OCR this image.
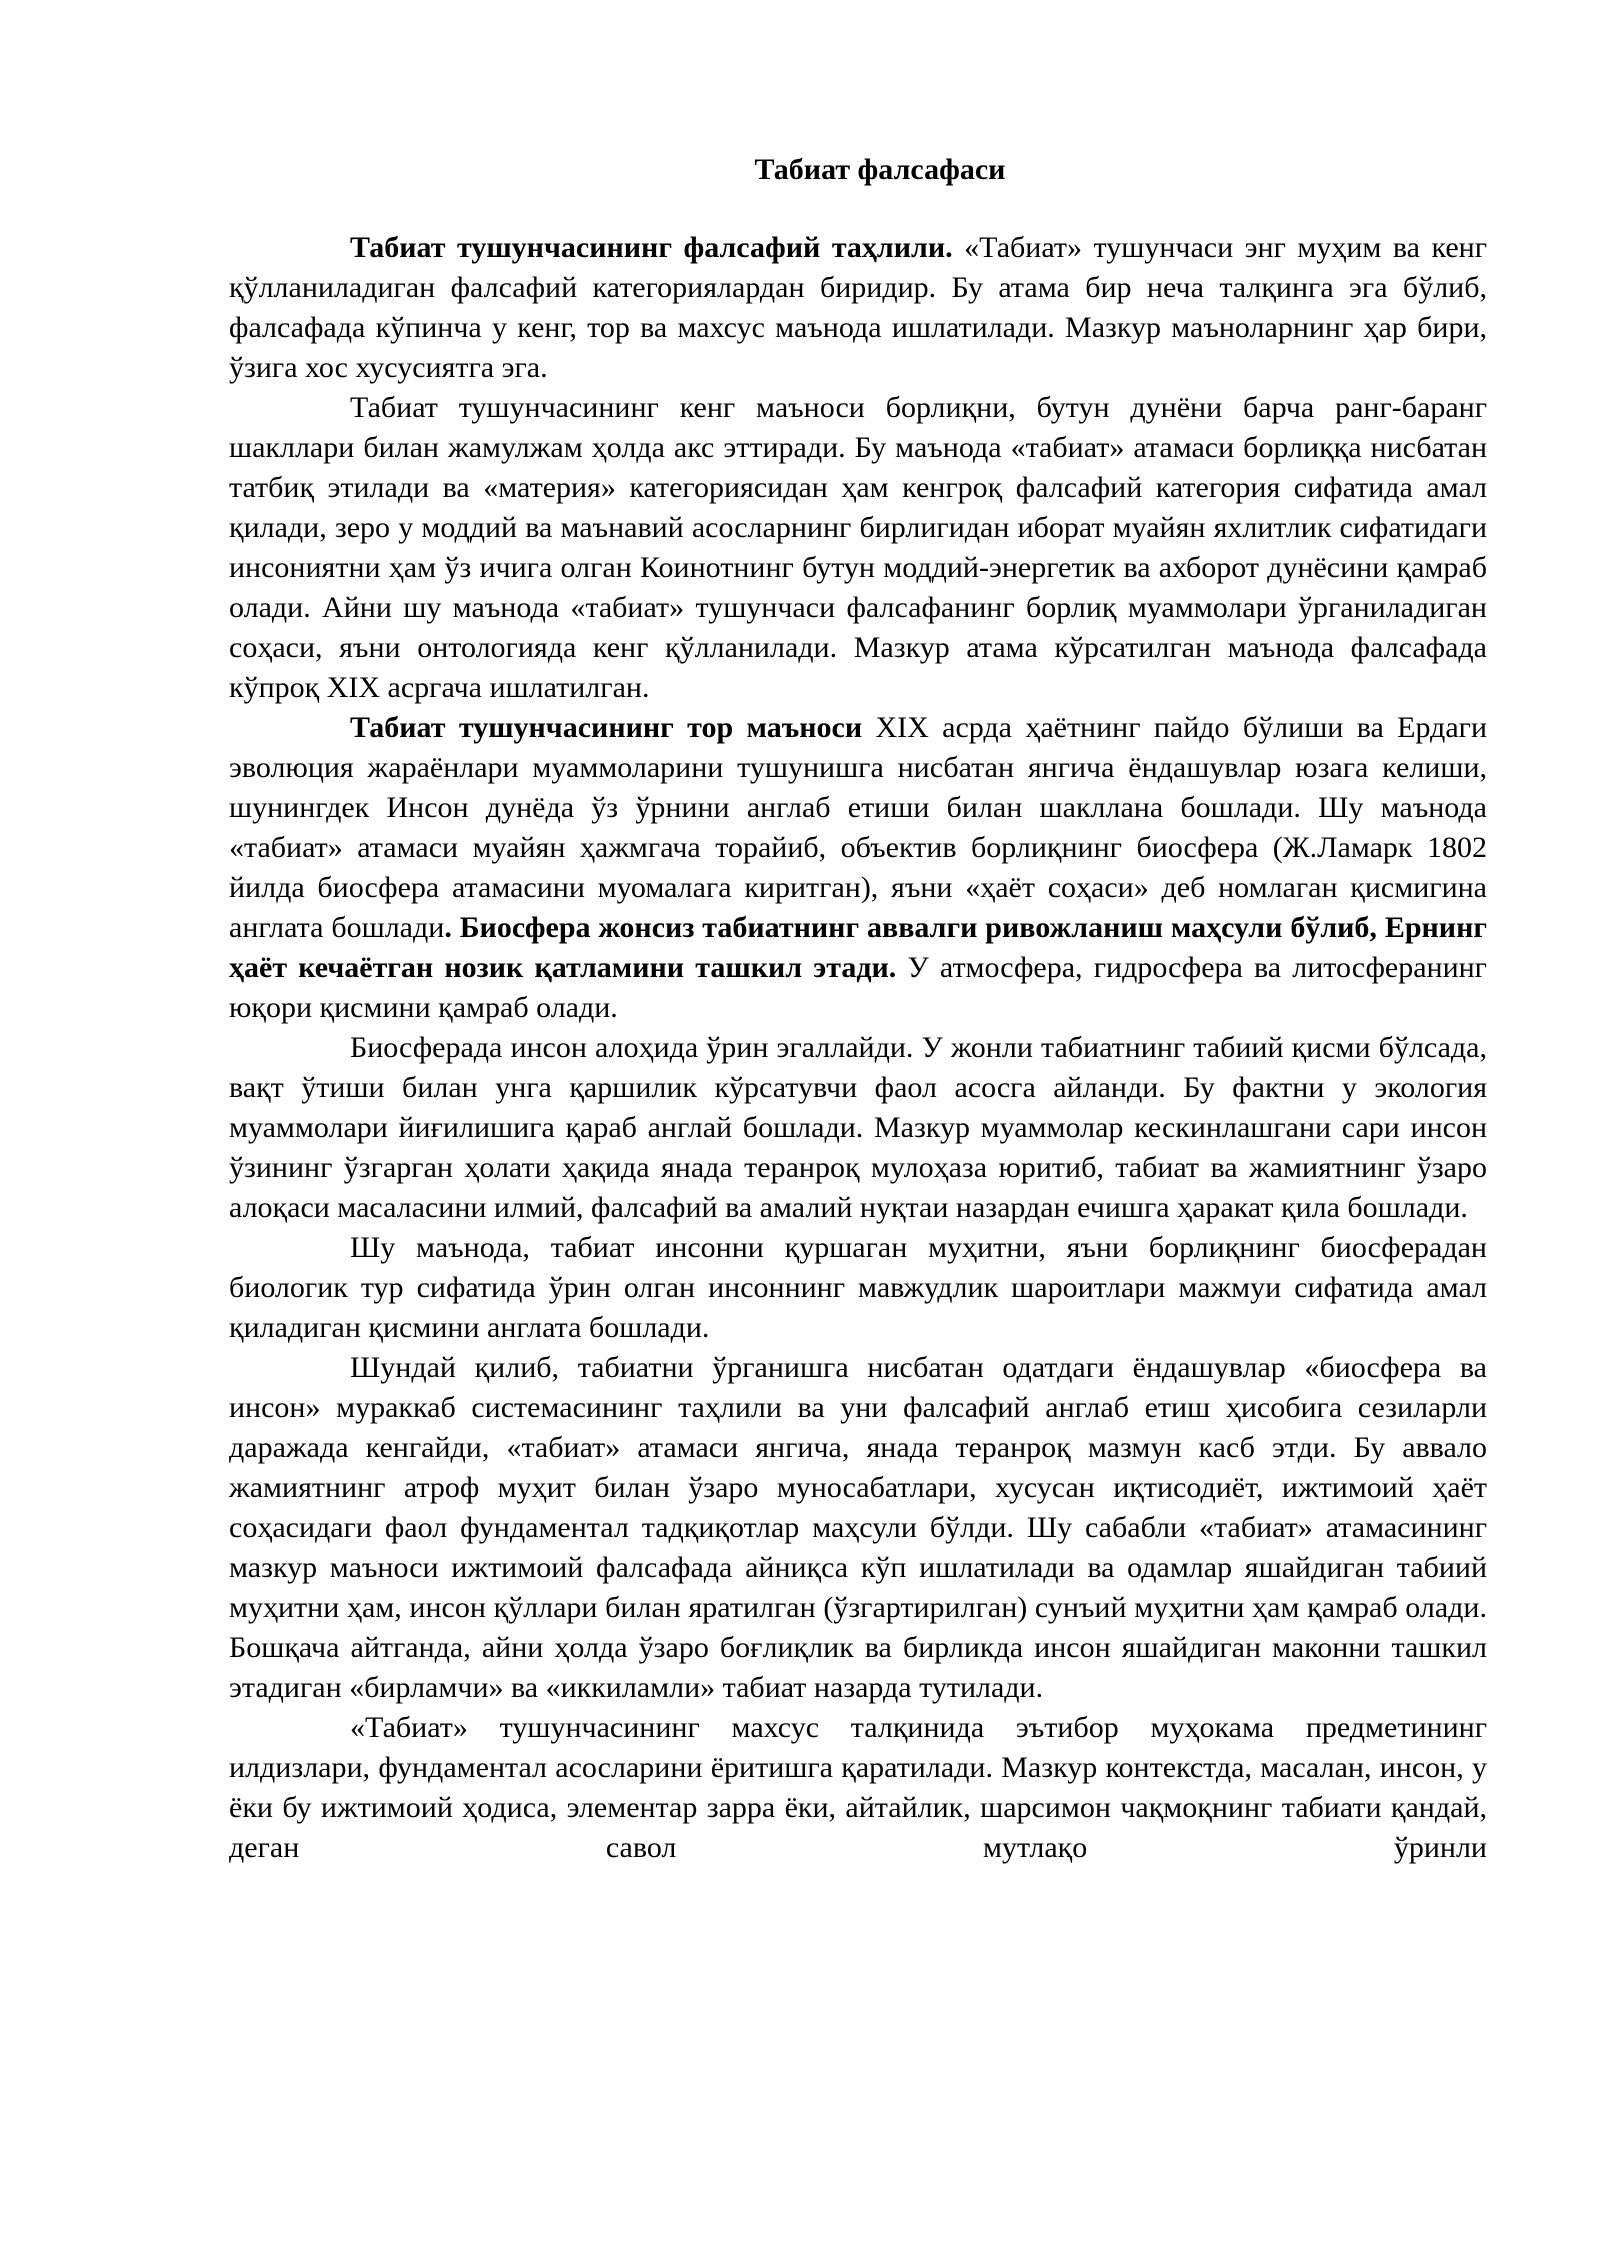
Табиат фалсафаси

Табиат тушунчасининг фалсафий таҳлили. «Табиат» тушунчаси энг муҳим ва кенг қўлланиладиган фалсафий категориялардан биридир. Бу атама бир неча талқинга эга бўлиб, фалсафада кўпинча у кенг, тор ва махсус маънода ишлатилади. Мазкур маъноларнинг ҳар бири, ўзига хос хусусиятга эга.

Табиат тушунчасининг кенг маъноси борлиқни, бутун дунёни барча ранг-баранг шакллари билан жамулжам ҳолда акс эттиради. Бу маънода «табиат» атамаси борлиққа нисбатан татбиқ этилади ва «материя» категориясидан ҳам кенгроқ фалсафий категория сифатида амал қилади, зеро у моддий ва маънавий асосларнинг бирлигидан иборат муайян яхлитлик сифатидаги инсониятни ҳам ўз ичига олган Коинотнинг бутун моддий-энергетик ва ахборот дунёсини қамраб олади. Айни шу маънода «табиат» тушунчаси фалсафанинг борлиқ муаммолари ўрганиладиган соҳаси, яъни онтологияда кенг қўлланилади. Мазкур атама кўрсатилган маънода фалсафада кўпроқ XIX асргача ишлатилган.

Табиат тушунчасининг тор маъноси XIX асрда ҳаётнинг пайдо бўлиши ва Ердаги эволюция жараёнлари муаммоларини тушунишга нисбатан янгича ёндашувлар юзага келиши, шунингдек Инсон дунёда ўз ўрнини англаб етиши билан шакллана бошлади. Шу маънода «табиат» атамаси муайян ҳажмгача торайиб, объектив борлиқнинг биосфера (Ж.Ламарк 1802 йилда биосфера атамасини муомалага киритган), яъни «ҳаёт соҳаси» деб номлаган қисмигина англата бошлади. Биосфера жонсиз табиатнинг аввалги ривожланиш маҳсули бўлиб, Ернинг ҳаёт кечаётган нозик қатламини ташкил этади. У атмосфера, гидросфера ва литосферанинг юқори қисмини қамраб олади.

Биосферада инсон алоҳида ўрин эгаллайди. У жонли табиатнинг табиий қисми бўлсада, вақт ўтиши билан унга қаршилик кўрсатувчи фаол асосга айланди. Бу фактни у экология муаммолари йиғилишига қараб англай бошлади. Мазкур муаммолар кескинлашгани сари инсон ўзининг ўзгарган ҳолати ҳақида янада теранроқ мулоҳаза юритиб, табиат ва жамиятнинг ўзаро алоқаси масаласини илмий, фалсафий ва амалий нуқтаи назардан ечишга ҳаракат қила бошлади.

Шу маънода, табиат инсонни қуршаган муҳитни, яъни борлиқнинг биосферадан биологик тур сифатида ўрин олган инсоннинг мавжудлик шароитлари мажмуи сифатида амал қиладиган қисмини англата бошлади.

Шундай қилиб, табиатни ўрганишга нисбатан одатдаги ёндашувлар «биосфера ва инсон» мураккаб системасининг таҳлили ва уни фалсафий англаб етиш ҳисобига сезиларли даражада кенгайди, «табиат» атамаси янгича, янада теранроқ мазмун касб этди. Бу аввало жамиятнинг атроф муҳит билан ўзаро муносабатлари, хусусан иқтисодиёт, ижтимоий ҳаёт соҳасидаги фаол фундаментал тадқиқотлар маҳсули бўлди. Шу сабабли «табиат» атамасининг мазкур маъноси ижтимоий фалсафада айниқса кўп ишлатилади ва одамлар яшайдиган табиий муҳитни ҳам, инсон қўллари билан яратилган (ўзгартирилган) сунъий муҳитни ҳам қамраб олади. Бошқача айтганда, айни ҳолда ўзаро боғлиқлик ва бирликда инсон яшайдиган маконни ташкил этадиган «бирламчи» ва «иккиламли» табиат назарда тутилади.

«Табиат» тушунчасининг махсус талқинида эътибор муҳокама предметининг илдизлари, фундаментал асосларини ёритишга қаратилади. Мазкур контекстда, масалан, инсон, у ёки бу ижтимоий ҳодиса, элементар зарра ёки, айтайлик, шарсимон чақмоқнинг табиати қандай, деган савол мутлақо ўринли
